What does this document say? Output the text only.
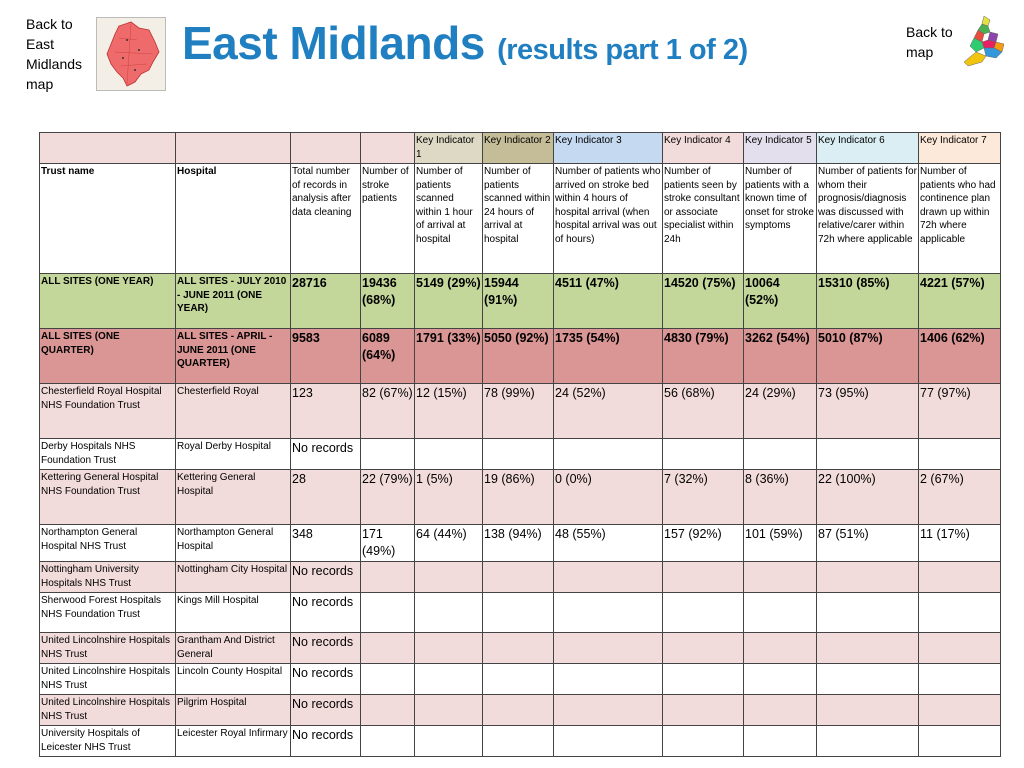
Back to East Midlands map
East Midlands (results part 1 of 2)
Back to map
				Key Indicator 1	Key Indicator 2	Key Indicator 3	Key Indicator 4	Key Indicator 5	Key Indicator 6	Key Indicator 7
Trust name	Hospital	Total number of records in analysis after data cleaning	Number of stroke patients	Number of patients scanned within 1 hour of arrival at hospital	Number of patients scanned within 24 hours of arrival at hospital	Number of patients who arrived on stroke bed within 4 hours of hospital arrival (when hospital arrival was out of hours)	Number of patients seen by stroke consultant or associate specialist within 24h	Number of patients with a known time of onset for stroke symptoms	Number of patients for whom their prognosis/diagnosis was discussed with relative/carer within 72h where applicable	Number of patients who had continence plan drawn up within 72h where applicable
ALL SITES (ONE YEAR)	ALL SITES - JULY 2010 - JUNE 2011 (ONE YEAR)	28716	19436 (68%)	5149 (29%)	15944 (91%)	4511 (47%)	14520 (75%)	10064 (52%)	15310 (85%)	4221 (57%)
ALL SITES (ONE QUARTER)	ALL SITES - APRIL - JUNE 2011 (ONE QUARTER)	9583	6089 (64%)	1791 (33%)	5050 (92%)	1735 (54%)	4830 (79%)	3262 (54%)	5010 (87%)	1406 (62%)
Chesterfield Royal Hospital NHS Foundation Trust	Chesterfield Royal	123	82 (67%)	12 (15%)	78 (99%)	24 (52%)	56 (68%)	24 (29%)	73 (95%)	77 (97%)
Derby Hospitals NHS Foundation Trust	Royal Derby Hospital	No records								
Kettering General Hospital NHS Foundation Trust	Kettering General Hospital	28	22 (79%)	1 (5%)	19 (86%)	0 (0%)	7 (32%)	8 (36%)	22 (100%)	2 (67%)
Northampton General Hospital NHS Trust	Northampton General Hospital	348	171 (49%)	64 (44%)	138 (94%)	48 (55%)	157 (92%)	101 (59%)	87 (51%)	11 (17%)
Nottingham University Hospitals NHS Trust	Nottingham City Hospital	No records								
Sherwood Forest Hospitals NHS Foundation Trust	Kings Mill Hospital	No records								
United Lincolnshire Hospitals NHS Trust	Grantham And District General	No records								
United Lincolnshire Hospitals NHS Trust	Lincoln County Hospital	No records								
United Lincolnshire Hospitals NHS Trust	Pilgrim Hospital	No records								
University Hospitals of Leicester NHS Trust	Leicester Royal Infirmary	No records								
